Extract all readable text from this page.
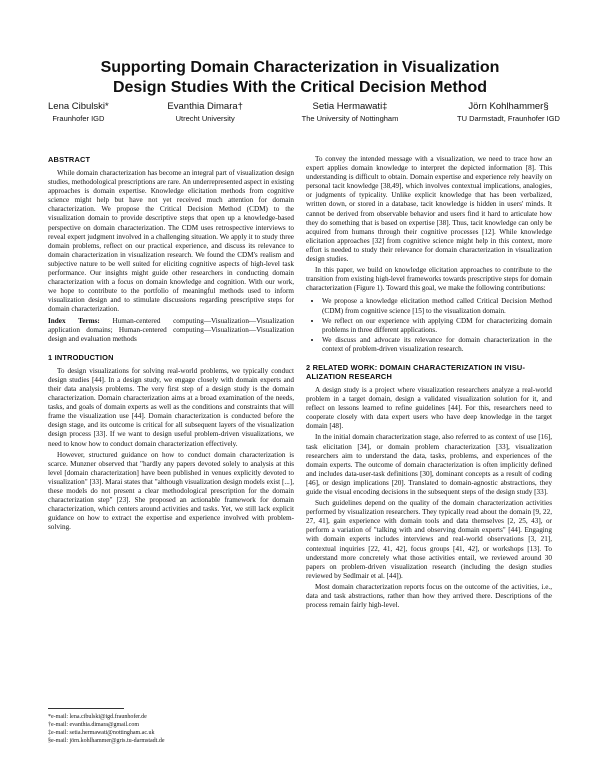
Supporting Domain Characterization in Visualization
Design Studies With the Critical Decision Method
Lena Cibulski*
Fraunhofer IGD
Evanthia Dimara†
Utrecht University
Setia Hermawati‡
The University of Nottingham
Jörn Kohlhammer§
TU Darmstadt, Fraunhofer IGD
ABSTRACT

While domain characterization has become an integral part of visualization design studies, methodological prescriptions are rare. An underrepresented aspect in existing approaches is domain expertise. Knowledge elicitation methods from cognitive science might help but have not yet received much attention for domain characterization. We propose the Critical Decision Method (CDM) to the visualization domain to provide descriptive steps that open up a knowledge-based perspective on domain characterization. The CDM uses retrospective interviews to reveal expert judgment involved in a challenging situation. We apply it to study three domain problems, reflect on our practical experience, and discuss its relevance to domain characterization in visualization research. We found the CDM's realism and subjective nature to be well suited for eliciting cognitive aspects of high-level task performance. Our insights might guide other researchers in conducting domain characterization with a focus on domain knowledge and cognition. With our work, we hope to contribute to the portfolio of meaningful methods used to inform visualization design and to stimulate discussions regarding prescriptive steps for domain characterization.

Index Terms: Human-centered computing—Visualization—Visualization application domains; Human-centered computing—Visualization—Visualization design and evaluation methods

1 INTRODUCTION

To design visualizations for solving real-world problems, we typically conduct design studies [44]. In a design study, we engage closely with domain experts and their data analysis problems. The very first step of a design study is the domain characterization. Domain characterization aims at a broad examination of the needs, tasks, and goals of domain experts as well as the conditions and constraints that will frame the visualization use [44]. Domain characterization is conducted before the design stage, and its outcome is critical for all subsequent layers of the visualization design process [33]. If we want to design useful problem-driven visualizations, we need to know how to conduct domain characterization effectively.

However, structured guidance on how to conduct domain characterization is scarce. Munzner observed that "hardly any papers devoted solely to analysis at this level [domain characterization] have been published in venues explicitly devoted to visualization" [33]. Marai states that "although visualization design models exist [...], these models do not present a clear methodological prescription for the domain characterization step" [23]. She proposed an actionable framework for domain characterization, which centers around activities and tasks. Yet, we still lack explicit guidance on how to extract the expertise and experience involved with problem-solving.

*e-mail: lena.cibulski@igd.fraunhofer.de
†e-mail: evanthia.dimara@gmail.com
‡e-mail: setia.hermawati@nottingham.ac.uk
§e-mail: jörn.kohlhammer@gris.tu-darmstadt.de

To convey the intended message with a visualization, we need to trace how an expert applies domain knowledge to interpret the depicted information [8]. This understanding is difficult to obtain. Domain expertise and experience rely heavily on personal tacit knowledge [38,49], which involves contextual implications, analogies, or judgments of typicality. Unlike explicit knowledge that has been verbalized, written down, or stored in a database, tacit knowledge is hidden in users' minds. It cannot be derived from observable behavior and users find it hard to articulate how they do something that is based on expertise [38]. Thus, tacit knowledge can only be acquired from humans through their cognitive processes [12]. While knowledge elicitation approaches [32] from cognitive science might help in this context, more effort is needed to study their relevance for domain characterization in visualization design studies.

In this paper, we build on knowledge elicitation approaches to contribute to the transition from existing high-level frameworks towards prescriptive steps for domain characterization (Figure 1). Toward this goal, we make the following contributions:

• We propose a knowledge elicitation method called Critical Decision Method (CDM) from cognitive science [15] to the visualization domain.
• We reflect on our experience with applying CDM for characterizing domain problems in three different applications.
• We discuss and advocate its relevance for domain characterization in the context of problem-driven visualization research.
2 RELATED WORK: DOMAIN CHARACTERIZATION IN VISU-
ALIZATION RESEARCH

A design study is a project where visualization researchers analyze a real-world problem in a target domain, design a validated visualization solution for it, and reflect on lessons learned to refine guidelines [44]. For this, researchers need to cooperate closely with data expert users who have deep knowledge in the target domain [48].

In the initial domain characterization stage, also referred to as context of use [16], task elicitation [34], or domain problem characterization [33], visualization researchers aim to understand the data, tasks, problems, and experiences of the domain experts. The outcome of domain characterization is often implicitly defined and includes data-user-task definitions [30], dominant concepts as a result of coding [46], or design implications [20]. Translated to domain-agnostic abstractions, they guide the visual encoding decisions in the subsequent steps of the design study [33].

Such guidelines depend on the quality of the domain characterization activities performed by visualization researchers. They typically read about the domain [9, 22, 27, 41], gain experience with domain tools and data themselves [2, 25, 43], or perform a variation of "talking with and observing domain experts" [44]. Engaging with domain experts includes interviews and real-world observations [3, 21], contextual inquiries [22, 41, 42], focus groups [41, 42], or workshops [13]. To understand more concretely what those activities entail, we reviewed around 30 papers on problem-driven visualization research (including the design studies reviewed by Sedlmair et al. [44]).

Most domain characterization reports focus on the outcome of the activities, i.e., data and task abstractions, rather than how they arrived there. Descriptions of the process remain fairly high-level.
